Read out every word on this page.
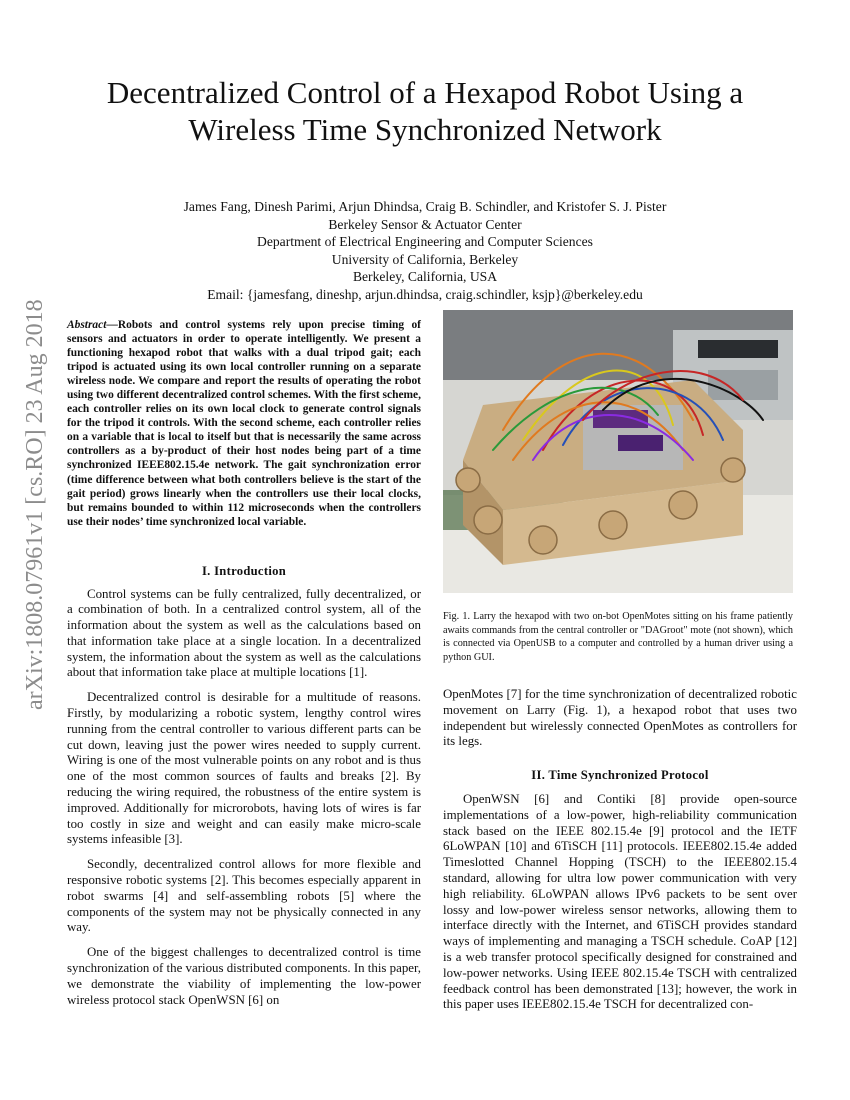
arXiv:1808.07961v1 [cs.RO] 23 Aug 2018
Decentralized Control of a Hexapod Robot Using a
Wireless Time Synchronized Network
James Fang, Dinesh Parimi, Arjun Dhindsa, Craig B. Schindler, and Kristofer S. J. Pister
Berkeley Sensor & Actuator Center
Department of Electrical Engineering and Computer Sciences
University of California, Berkeley
Berkeley, California, USA
Email: {jamesfang, dineshp, arjun.dhindsa, craig.schindler, ksjp}@berkeley.edu

Abstract—Robots and control systems rely upon precise timing of sensors and actuators in order to operate intelligently. We present a functioning hexapod robot that walks with a dual tripod gait; each tripod is actuated using its own local controller running on a separate wireless node. We compare and report the results of operating the robot using two different decentralized control schemes. With the first scheme, each controller relies on its own local clock to generate control signals for the tripod it controls. With the second scheme, each controller relies on a variable that is local to itself but that is necessarily the same across controllers as a by-product of their host nodes being part of a time synchronized IEEE802.15.4e network. The gait synchronization error (time difference between what both controllers believe is the start of the gait period) grows linearly when the controllers use their local clocks, but remains bounded to within 112 microseconds when the controllers use their nodes’ time synchronized local variable.

I. Introduction

Control systems can be fully centralized, fully decentralized, or a combination of both. In a centralized control system, all of the information about the system as well as the calculations based on that information take place at a single location. In a decentralized system, the information about the system as well as the calculations about that information take place at multiple locations [1].

Decentralized control is desirable for a multitude of reasons. Firstly, by modularizing a robotic system, lengthy control wires running from the central controller to various different parts can be cut down, leaving just the power wires needed to supply current. Wiring is one of the most vulnerable points on any robot and is thus one of the most common sources of faults and breaks [2]. By reducing the wiring required, the robustness of the entire system is improved. Additionally for microrobots, having lots of wires is far too costly in size and weight and can easily make micro-scale systems infeasible [3].

Secondly, decentralized control allows for more flexible and responsive robotic systems [2]. This becomes especially apparent in robot swarms [4] and self-assembling robots [5] where the components of the system may not be physically connected in any way.

One of the biggest challenges to decentralized control is time synchronization of the various distributed components. In this paper, we demonstrate the viability of implementing the low-power wireless protocol stack OpenWSN [6] on

Fig. 1. Larry the hexapod with two on-bot OpenMotes sitting on his frame patiently awaits commands from the central controller or "DAGroot" mote (not shown), which is connected via OpenUSB to a computer and controlled by a human driver using a python GUI.

OpenMotes [7] for the time synchronization of decentralized robotic movement on Larry (Fig. 1), a hexapod robot that uses two independent but wirelessly connected OpenMotes as controllers for its legs.

II. Time Synchronized Protocol

OpenWSN [6] and Contiki [8] provide open-source implementations of a low-power, high-reliability communication stack based on the IEEE 802.15.4e [9] protocol and the IETF 6LoWPAN [10] and 6TiSCH [11] protocols. IEEE802.15.4e added Timeslotted Channel Hopping (TSCH) to the IEEE802.15.4 standard, allowing for ultra low power communication with very high reliability. 6LoWPAN allows IPv6 packets to be sent over lossy and low-power wireless sensor networks, allowing them to interface directly with the Internet, and 6TiSCH provides standard ways of implementing and managing a TSCH schedule. CoAP [12] is a web transfer protocol specifically designed for constrained and low-power networks. Using IEEE 802.15.4e TSCH with centralized feedback control has been demonstrated [13]; however, the work in this paper uses IEEE802.15.4e TSCH for decentralized con-
